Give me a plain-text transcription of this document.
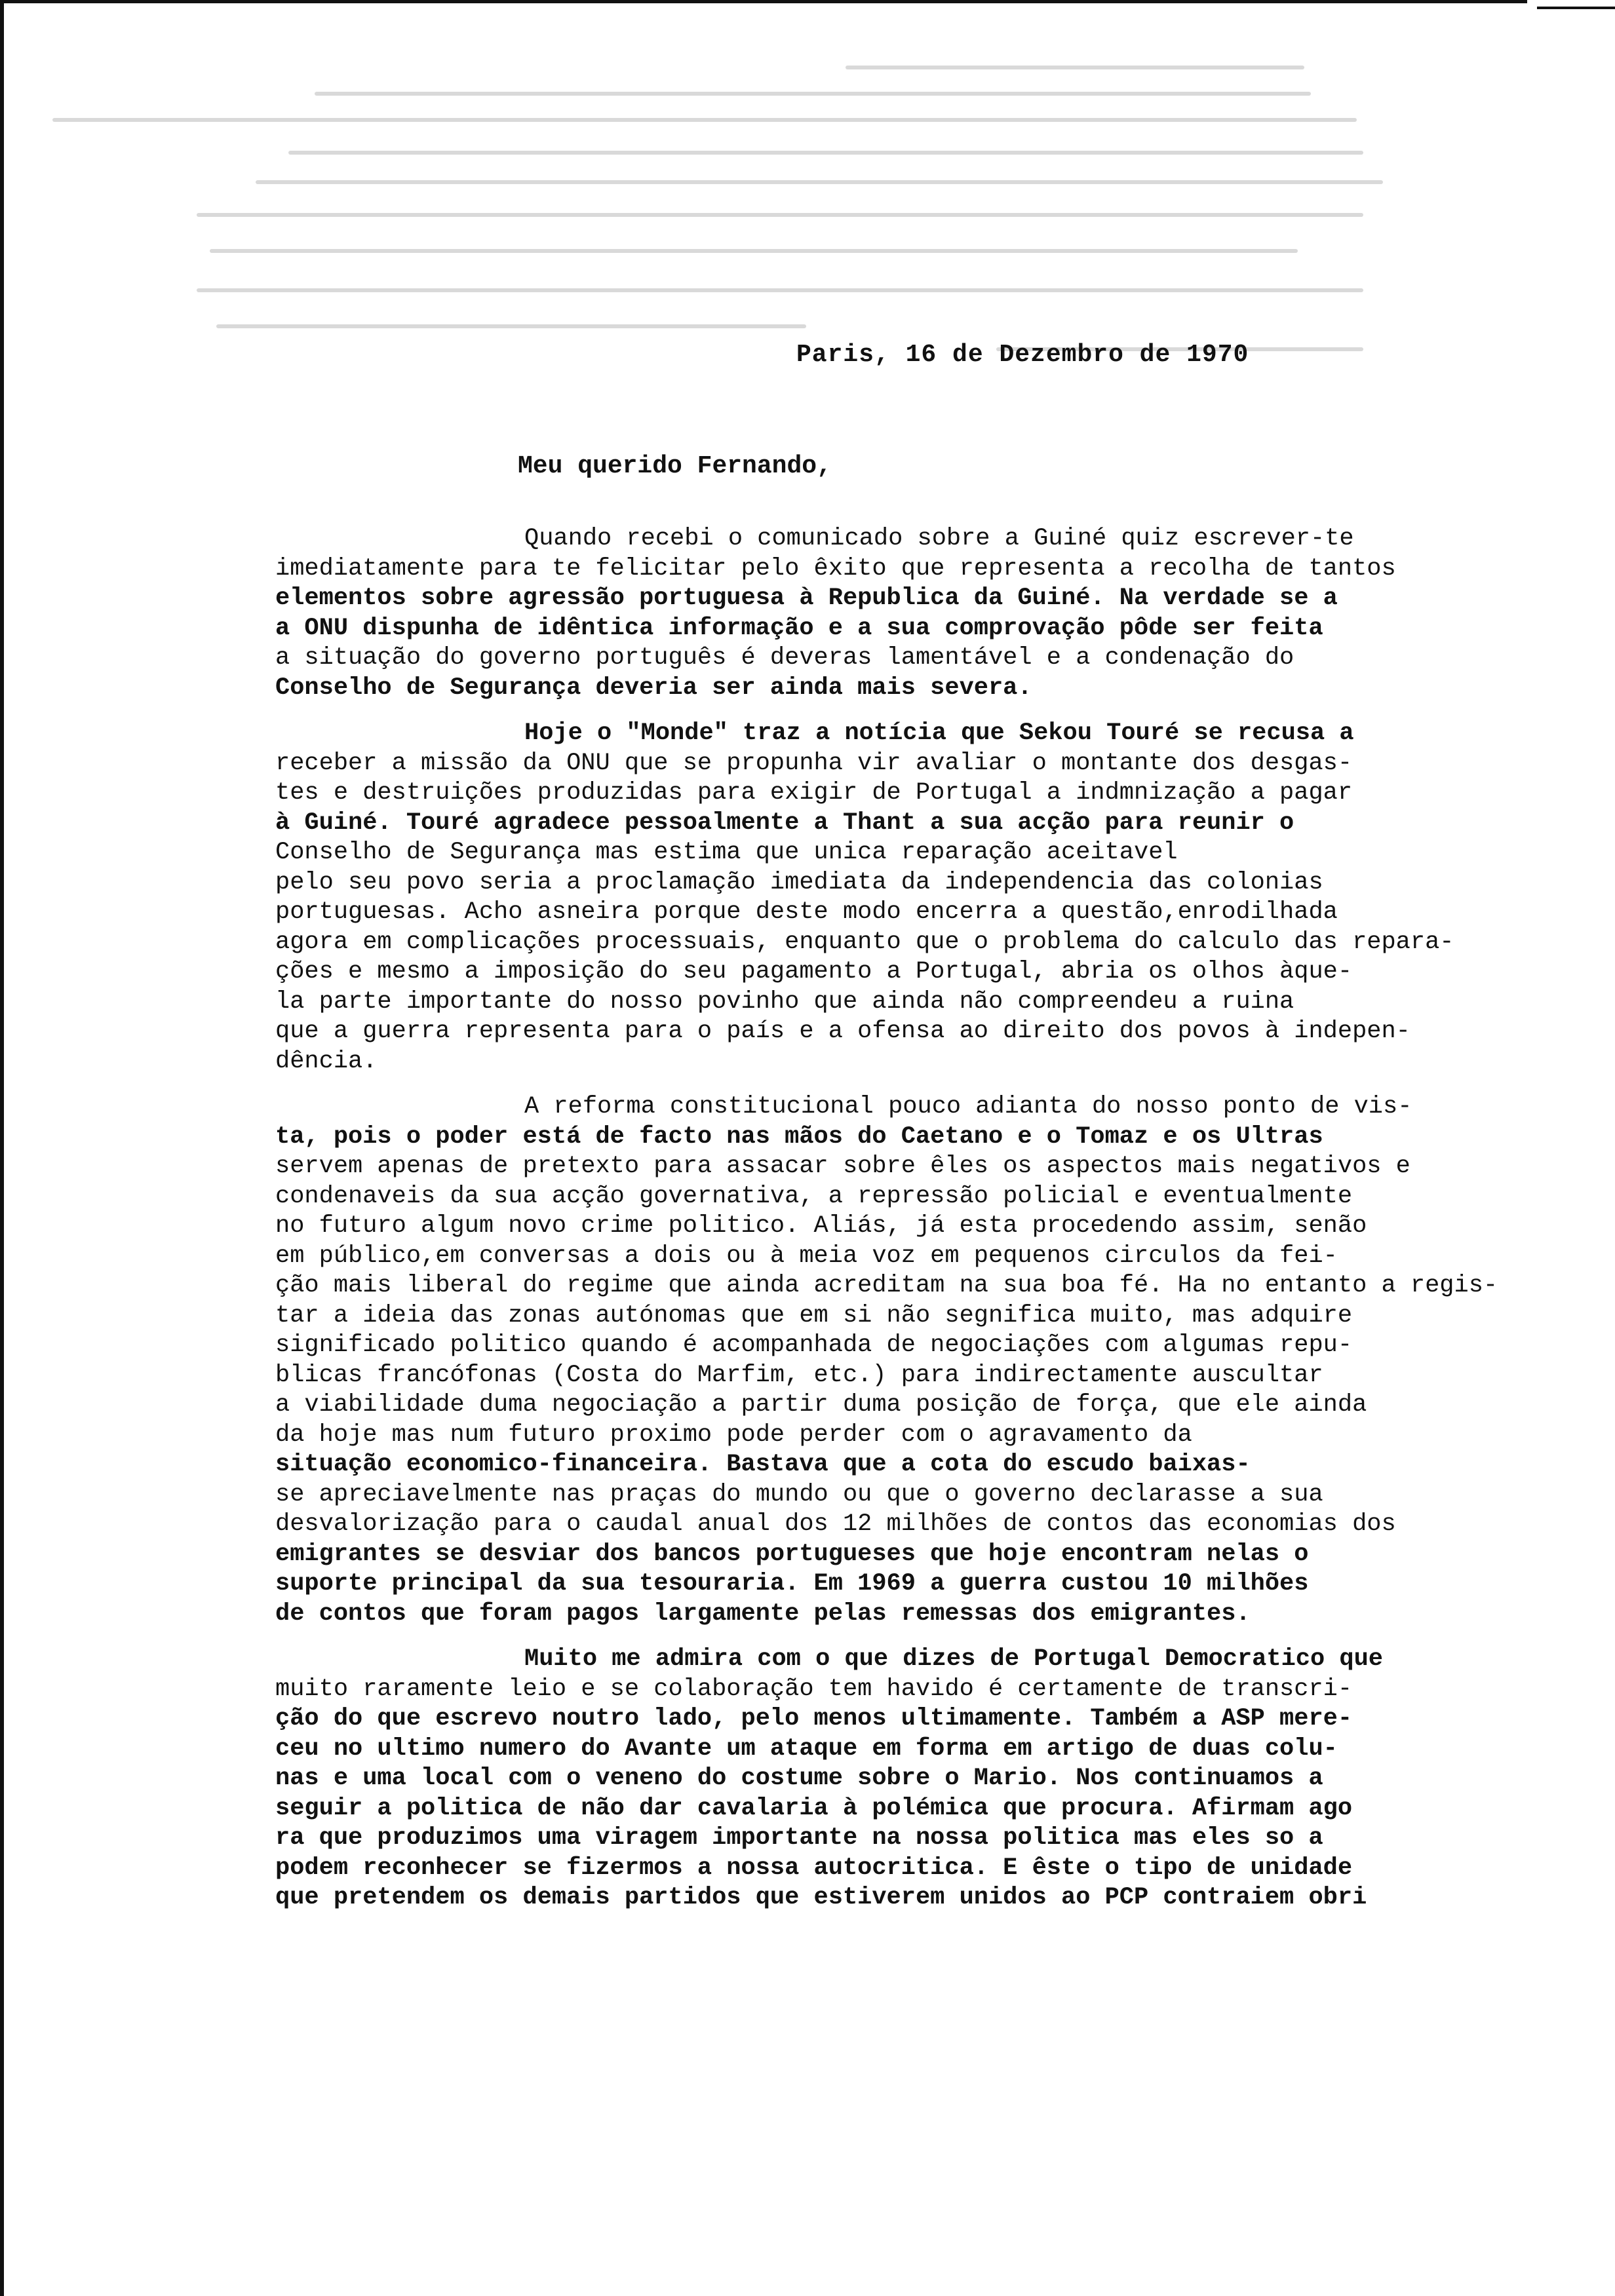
Paris, 16 de Dezembro de 1970
Meu querido Fernando,
Quando recebi o comunicado sobre a Guiné quiz escrever-te
imediatamente para te felicitar pelo êxito que representa a recolha de tantos
elementos sobre agressão portuguesa à Republica da Guiné. Na verdade se a
a ONU dispunha de idêntica informação e a sua comprovação pôde ser feita
a situação do governo português é deveras lamentável e a condenação do
Conselho de Segurança deveria ser ainda mais severa.
Hoje o "Monde" traz a notícia que Sekou Touré se recusa a
receber a missão da ONU que se propunha vir avaliar o montante dos desgas-
tes e destruições produzidas para exigir de Portugal a indmnização a pagar
à Guiné. Touré agradece pessoalmente a Thant a sua acção para reunir o
Conselho de Segurança mas estima que unica reparação aceitavel
pelo seu povo seria a proclamação imediata da independencia das colonias
portuguesas. Acho asneira porque deste modo encerra a questão,enrodilhada
agora em complicações processuais, enquanto que o problema do calculo das repara-
ções e mesmo a imposição do seu pagamento a Portugal, abria os olhos àque-
la parte importante do nosso povinho que ainda não compreendeu a ruina
que a guerra representa para o país e a ofensa ao direito dos povos à indepen-
dência.
A reforma constitucional pouco adianta do nosso ponto de vis-
ta, pois o poder está de facto nas mãos do Caetano e o Tomaz e os Ultras
servem apenas de pretexto para assacar sobre êles os aspectos mais negativos e
condenaveis da sua acção governativa, a repressão policial e eventualmente
no futuro algum novo crime politico. Aliás, já esta procedendo assim, senão
em público,em conversas a dois ou à meia voz em pequenos circulos da fei-
ção mais liberal do regime que ainda acreditam na sua boa fé. Ha no entanto a regis-
tar a ideia das zonas autónomas que em si não segnifica muito, mas adquire
significado politico quando é acompanhada de negociações com algumas repu-
blicas francófonas (Costa do Marfim, etc.) para indirectamente auscultar
a viabilidade duma negociação a partir duma posição de força, que ele ainda
da hoje mas num futuro proximo pode perder com o agravamento da
situação economico-financeira. Bastava que a cota do escudo baixas-
se apreciavelmente nas praças do mundo ou que o governo declarasse a sua
desvalorização para o caudal anual dos 12 milhões de contos das economias dos
emigrantes se desviar dos bancos portugueses que hoje encontram nelas o
suporte principal da sua tesouraria. Em 1969 a guerra custou 10 milhões
de contos que foram pagos largamente pelas remessas dos emigrantes.
Muito me admira com o que dizes de Portugal Democratico que
muito raramente leio e se colaboração tem havido é certamente de transcri-
ção do que escrevo noutro lado, pelo menos ultimamente. Também a ASP mere-
ceu no ultimo numero do Avante um ataque em forma em artigo de duas colu-
nas e uma local com o veneno do costume sobre o Mario. Nos continuamos a
seguir a politica de não dar cavalaria à polémica que procura. Afirmam ago
ra que produzimos uma viragem importante na nossa politica mas eles so a
podem reconhecer se fizermos a nossa autocritica. E êste o tipo de unidade
que pretendem os demais partidos que estiverem unidos ao PCP contraiem obri
